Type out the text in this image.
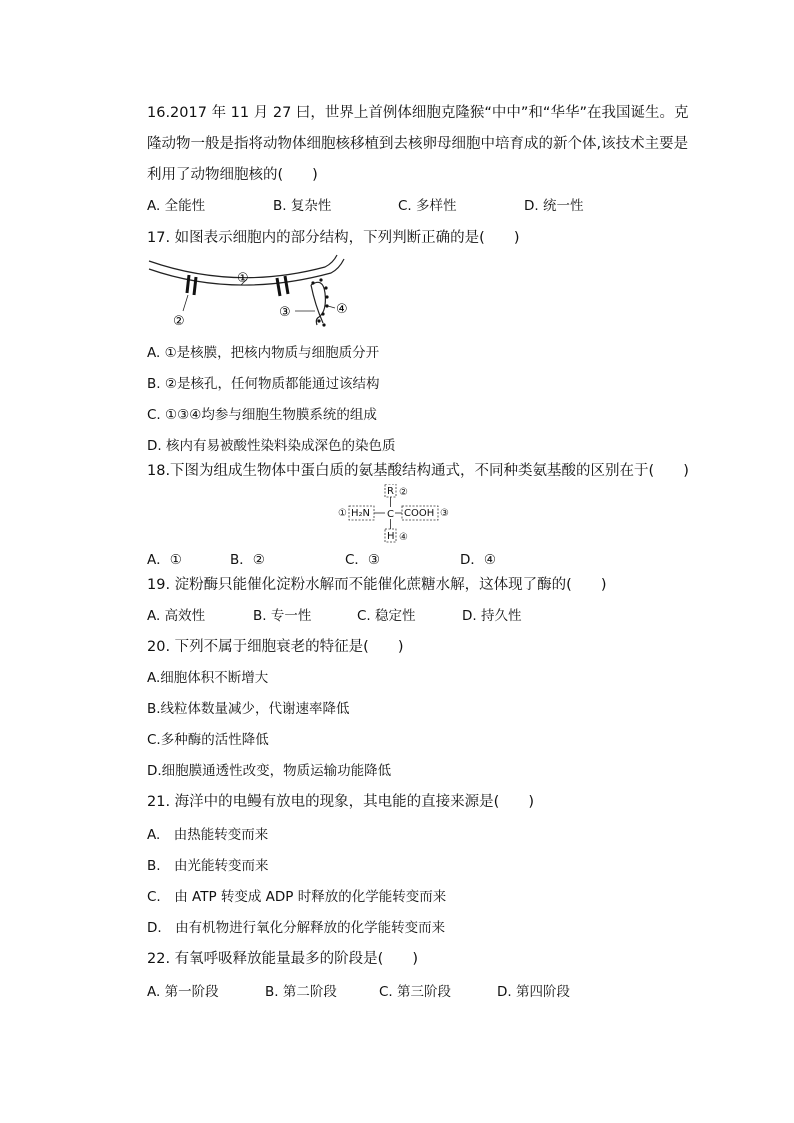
16.2017 年 11 月 27 曰，世界上首例体细胞克隆猴“中中”和“华华”在我国诞生。克
隆动物一般是指将动物体细胞核移植到去核卵母细胞中培育成的新个体,该技术主要是
利用了动物细胞核的(　　)
A. 全能性	B. 复杂性	C. 多样性	D. 统一性
17. 如图表示细胞内的部分结构，下列判断正确的是(　　)
①
②
③	④
A. ①是核膜，把核内物质与细胞质分开
B. ②是核孔，任何物质都能通过该结构
C. ①③④均参与细胞生物膜系统的组成
D. 核内有易被酸性染料染成深色的染色质
18.下图为组成生物体中蛋白质的氨基酸结构通式，不同种类氨基酸的区别在于(　　)
R ②
① H₂N C COOH ③
H ④
A．①	B．②	C．③	D．④
19. 淀粉酶只能催化淀粉水解而不能催化蔗糖水解，这体现了酶的(　　)
A. 高效性	B. 专一性	C. 稳定性	D. 持久性
20. 下列不属于细胞衰老的特征是(　　)
A.细胞体积不断增大
B.线粒体数量减少，代谢速率降低
C.多种酶的活性降低
D.细胞膜通透性改变，物质运输功能降低
21. 海洋中的电鳗有放电的现象，其电能的直接来源是(　　)
A.　由热能转变而来
B.　由光能转变而来
C.　由 ATP 转变成 ADP 时释放的化学能转变而来
D.　由有机物进行氧化分解释放的化学能转变而来
22. 有氧呼吸释放能量最多的阶段是(　　)
A. 第一阶段	B. 第二阶段	C. 第三阶段	D. 第四阶段
